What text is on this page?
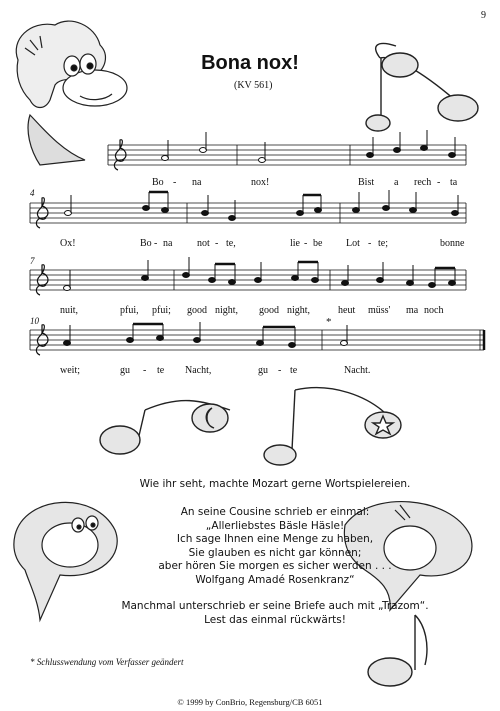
9
Bona nox!
(KV 561)
4
7
10
Bo - na	nox!	Bist a rech - ta
Ox!	Bo - na not - te,	lie - be Lot - te;	bonne
nuit,	pfui, pfui; good night, good night,	heut müss' ma noch
weit;	gu - te Nacht,	gu - te	Nacht.
*
Wie ihr seht, machte Mozart gerne Wortspielereien.
An seine Cousine schrieb er einmal:
„Allerliebstes Bäsle Häsle!
Ich sage Ihnen eine Menge zu haben,
Sie glauben es nicht gar können;
aber hören Sie morgen es sicher werden . . .
Wolfgang Amadé Rosenkranz“
Manchmal unterschrieb er seine Briefe auch mit „Trazom“.
Lest das einmal rückwärts!
* Schlusswendung vom Verfasser geändert
© 1999 by ConBrio, Regensburg/CB 6051
